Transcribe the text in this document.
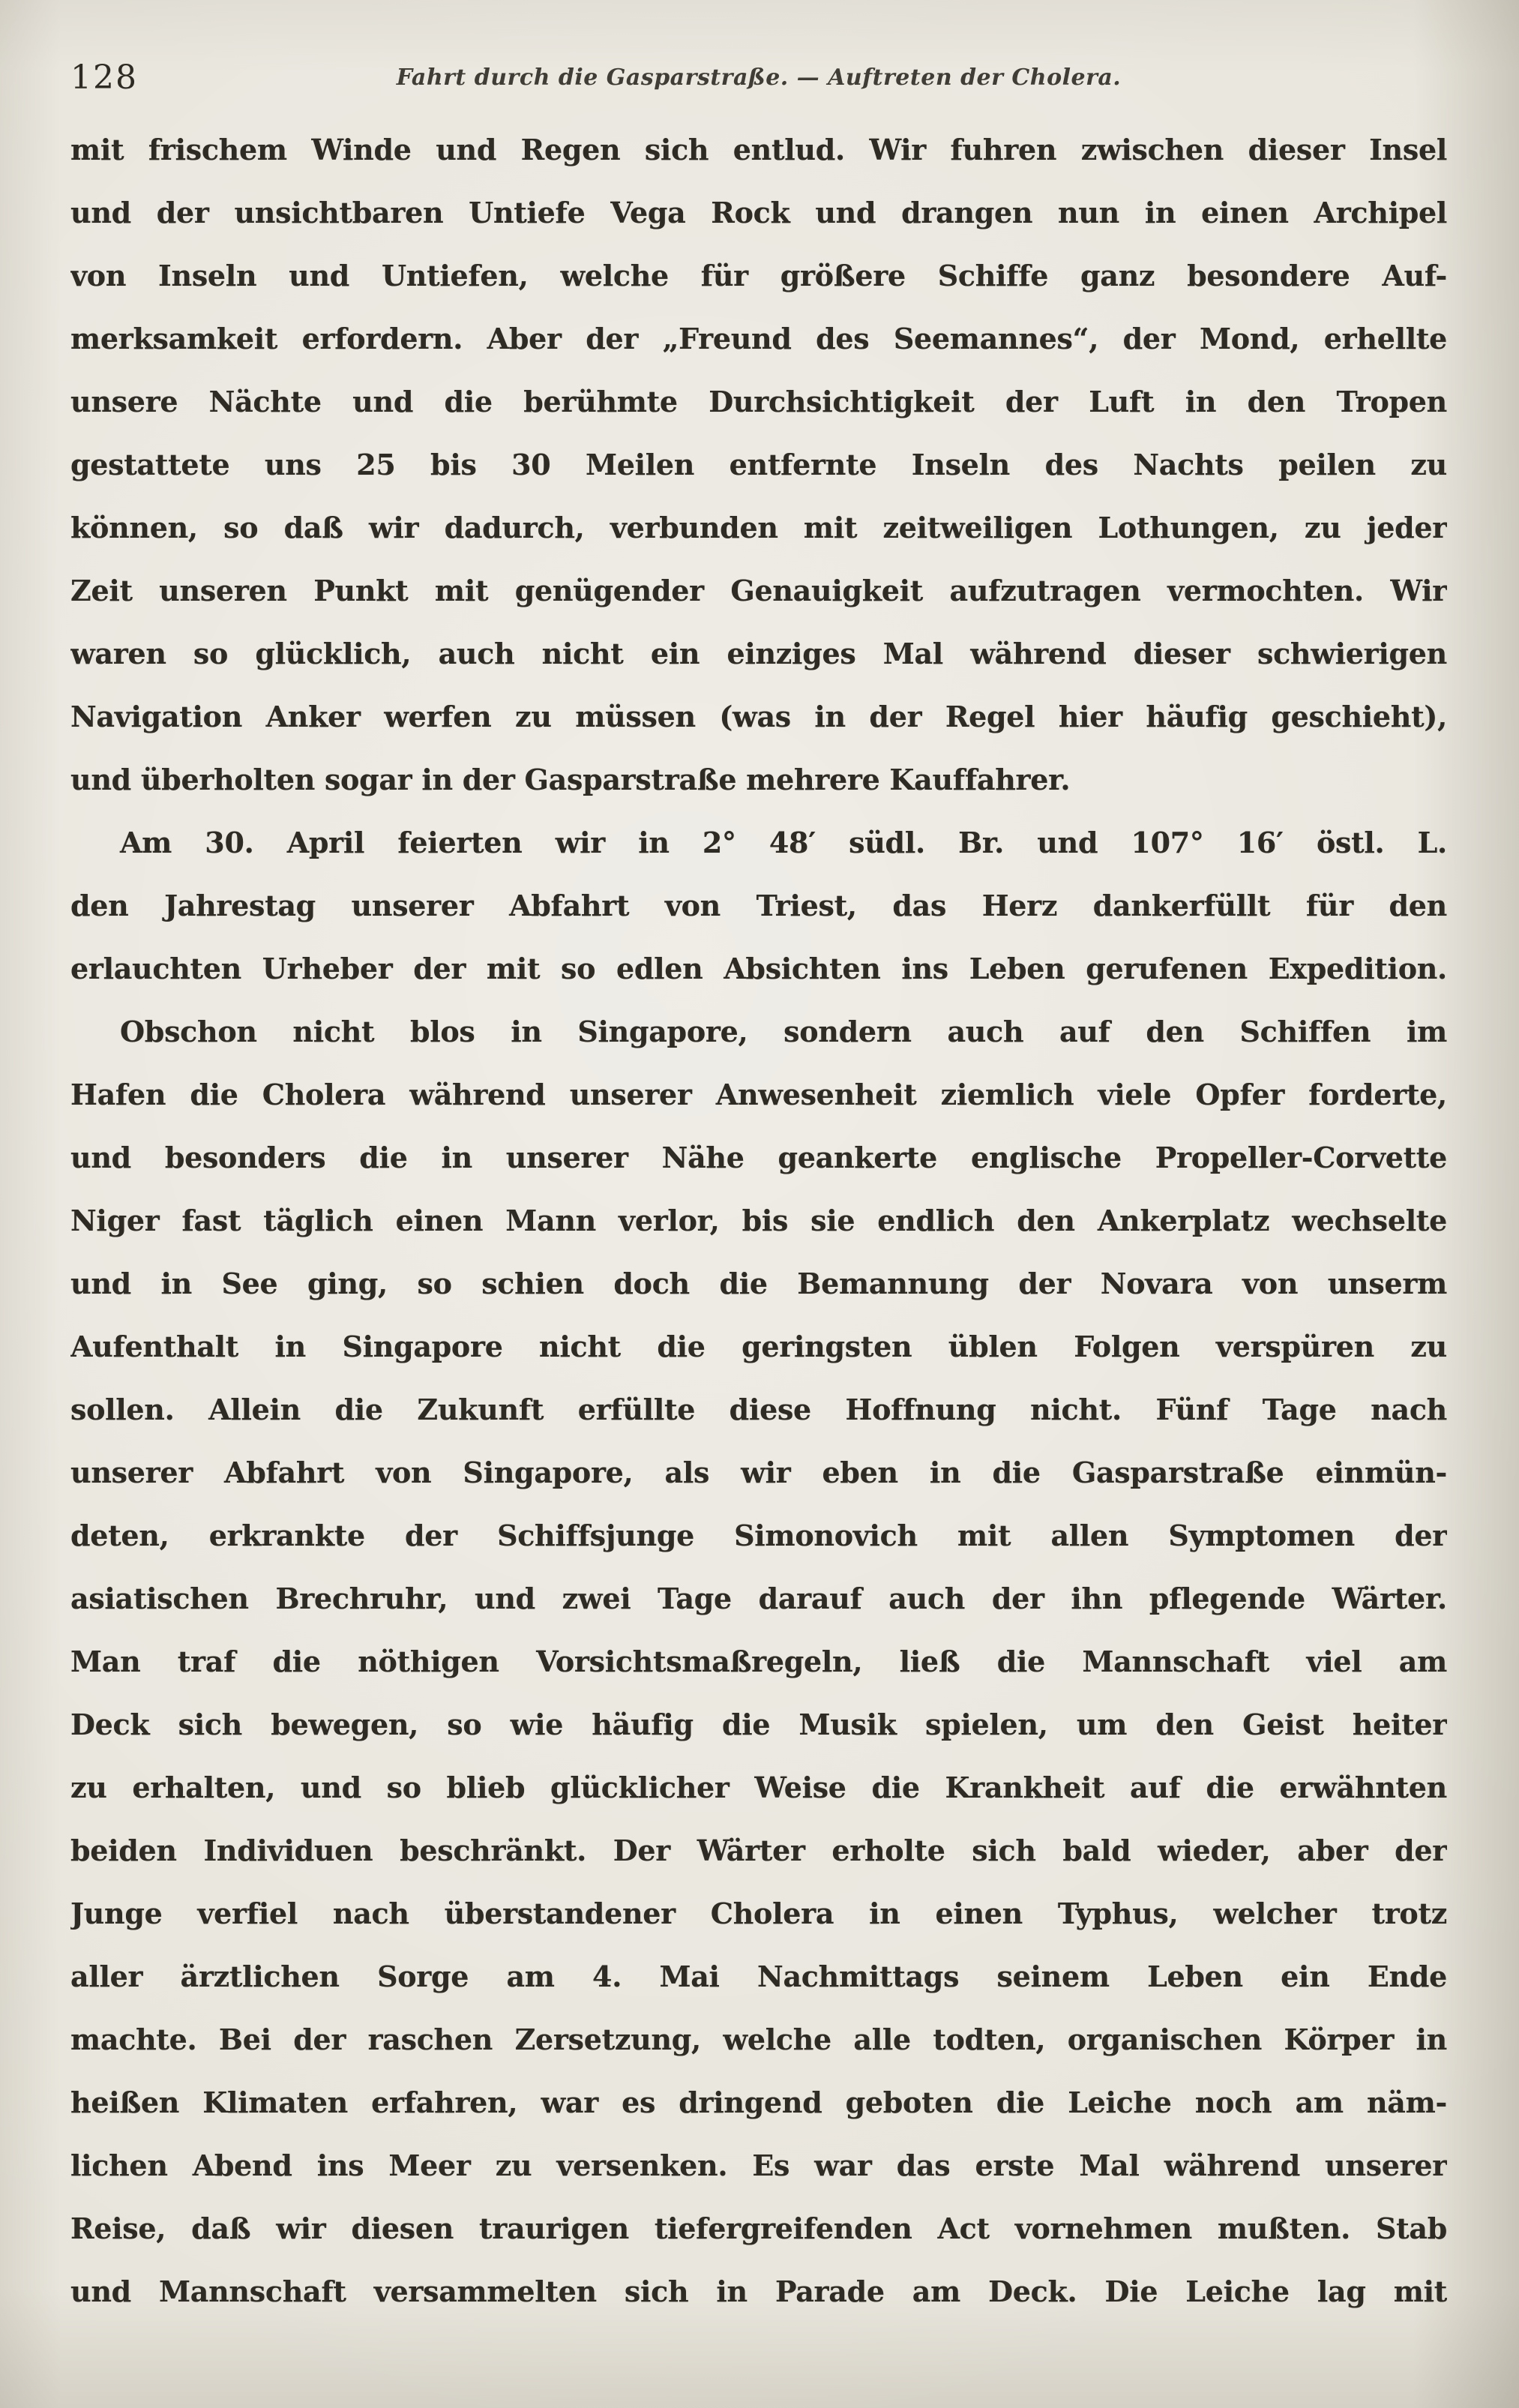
128	Fahrt durch die Gasparstraße. — Auftreten der Cholera.
mit frischem Winde und Regen sich entlud. Wir fuhren zwischen dieser Insel
und der unsichtbaren Untiefe Vega Rock und drangen nun in einen Archipel
von Inseln und Untiefen, welche für größere Schiffe ganz besondere Auf-
merksamkeit erfordern. Aber der „Freund des Seemannes“, der Mond, erhellte
unsere Nächte und die berühmte Durchsichtigkeit der Luft in den Tropen
gestattete uns 25 bis 30 Meilen entfernte Inseln des Nachts peilen zu
können, so daß wir dadurch, verbunden mit zeitweiligen Lothungen, zu jeder
Zeit unseren Punkt mit genügender Genauigkeit aufzutragen vermochten. Wir
waren so glücklich, auch nicht ein einziges Mal während dieser schwierigen
Navigation Anker werfen zu müssen (was in der Regel hier häufig geschieht),
und überholten sogar in der Gasparstraße mehrere Kauffahrer.
Am 30. April feierten wir in 2° 48′ südl. Br. und 107° 16′ östl. L.
den Jahrestag unserer Abfahrt von Triest, das Herz dankerfüllt für den
erlauchten Urheber der mit so edlen Absichten ins Leben gerufenen Expedition.
Obschon nicht blos in Singapore, sondern auch auf den Schiffen im
Hafen die Cholera während unserer Anwesenheit ziemlich viele Opfer forderte,
und besonders die in unserer Nähe geankerte englische Propeller-Corvette
Niger fast täglich einen Mann verlor, bis sie endlich den Ankerplatz wechselte
und in See ging, so schien doch die Bemannung der Novara von unserm
Aufenthalt in Singapore nicht die geringsten üblen Folgen verspüren zu
sollen. Allein die Zukunft erfüllte diese Hoffnung nicht. Fünf Tage nach
unserer Abfahrt von Singapore, als wir eben in die Gasparstraße einmün-
deten, erkrankte der Schiffsjunge Simonovich mit allen Symptomen der
asiatischen Brechruhr, und zwei Tage darauf auch der ihn pflegende Wärter.
Man traf die nöthigen Vorsichtsmaßregeln, ließ die Mannschaft viel am
Deck sich bewegen, so wie häufig die Musik spielen, um den Geist heiter
zu erhalten, und so blieb glücklicher Weise die Krankheit auf die erwähnten
beiden Individuen beschränkt. Der Wärter erholte sich bald wieder, aber der
Junge verfiel nach überstandener Cholera in einen Typhus, welcher trotz
aller ärztlichen Sorge am 4. Mai Nachmittags seinem Leben ein Ende
machte. Bei der raschen Zersetzung, welche alle todten, organischen Körper in
heißen Klimaten erfahren, war es dringend geboten die Leiche noch am näm-
lichen Abend ins Meer zu versenken. Es war das erste Mal während unserer
Reise, daß wir diesen traurigen tiefergreifenden Act vornehmen mußten. Stab
und Mannschaft versammelten sich in Parade am Deck. Die Leiche lag mit
